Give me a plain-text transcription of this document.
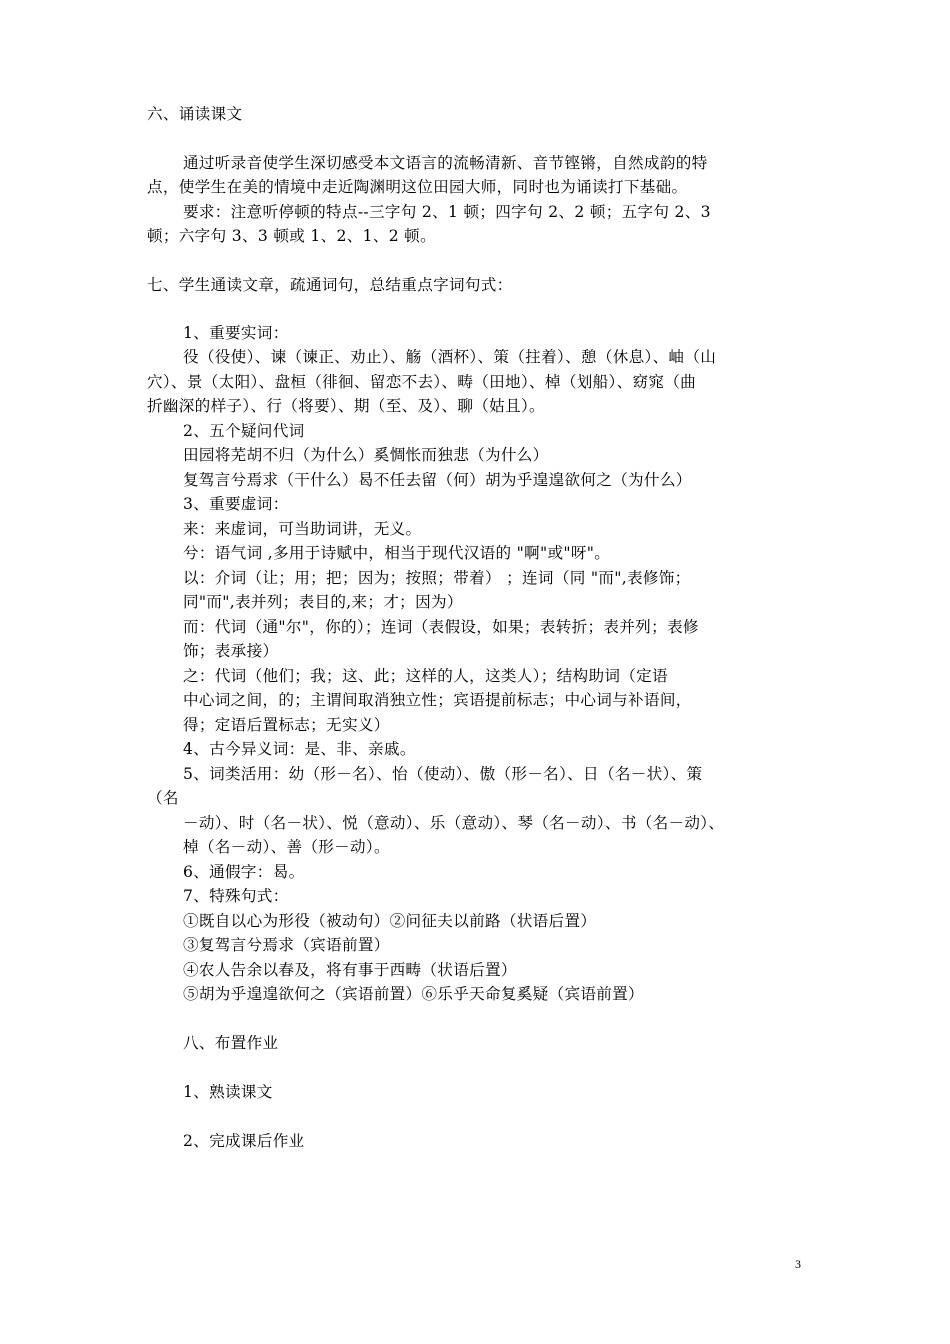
3
六、诵读课文
通过听录音使学生深切感受本文语言的流畅清新、音节铿锵，自然成韵的特
点，使学生在美的情境中走近陶渊明这位田园大师，同时也为诵读打下基础。
要求：注意听停顿的特点--三字句 2、1 顿；四字句 2、2 顿；五字句 2、3
顿；六字句 3、3 顿或 1、2、1、2 顿。
七、学生通读文章，疏通词句，总结重点字词句式：
1、重要实词：
役（役使）、谏（谏正、劝止）、觞（酒杯）、策（拄着）、憩（休息）、岫（山
穴）、景（太阳）、盘桓（徘徊、留恋不去）、畴（田地）、棹（划船）、窈窕（曲
折幽深的样子）、行（将要）、期（至、及）、聊（姑且）。
2、五个疑问代词
田园将芜胡不归（为什么）奚惆怅而独悲（为什么）
复驾言兮焉求（干什么）曷不任去留（何）胡为乎遑遑欲何之（为什么）
3、重要虚词：
来：来虚词，可当助词讲，无义。
兮：语气词 ,多用于诗赋中，相当于现代汉语的 "啊"或"呀"。
以：介词（让；用；把；因为；按照；带着） ；连词（同 "而",表修饰；
同"而",表并列；表目的,来；才；因为）
而：代词（通"尔"，你的）；连词（表假设，如果；表转折；表并列；表修
饰；表承接）
之：代词（他们；我；这、此；这样的人，这类人）；结构助词（定语
中心词之间，的；主谓间取消独立性；宾语提前标志；中心词与补语间，
得；定语后置标志；无实义）
4、古今异义词：是、非、亲戚。
5、词类活用：幼（形－名）、怡（使动）、傲（形－名）、日（名－状）、策
（名
－动）、时（名－状）、悦（意动）、乐（意动）、琴（名－动）、书（名－动）、
棹（名－动）、善（形－动）。
6、通假字：曷。
7、特殊句式：
①既自以心为形役（被动句）②问征夫以前路（状语后置）
③复驾言兮焉求（宾语前置）
④农人告余以春及，将有事于西畴（状语后置）
⑤胡为乎遑遑欲何之（宾语前置）⑥乐乎天命复奚疑（宾语前置）
八、布置作业
1、熟读课文
2、完成课后作业
